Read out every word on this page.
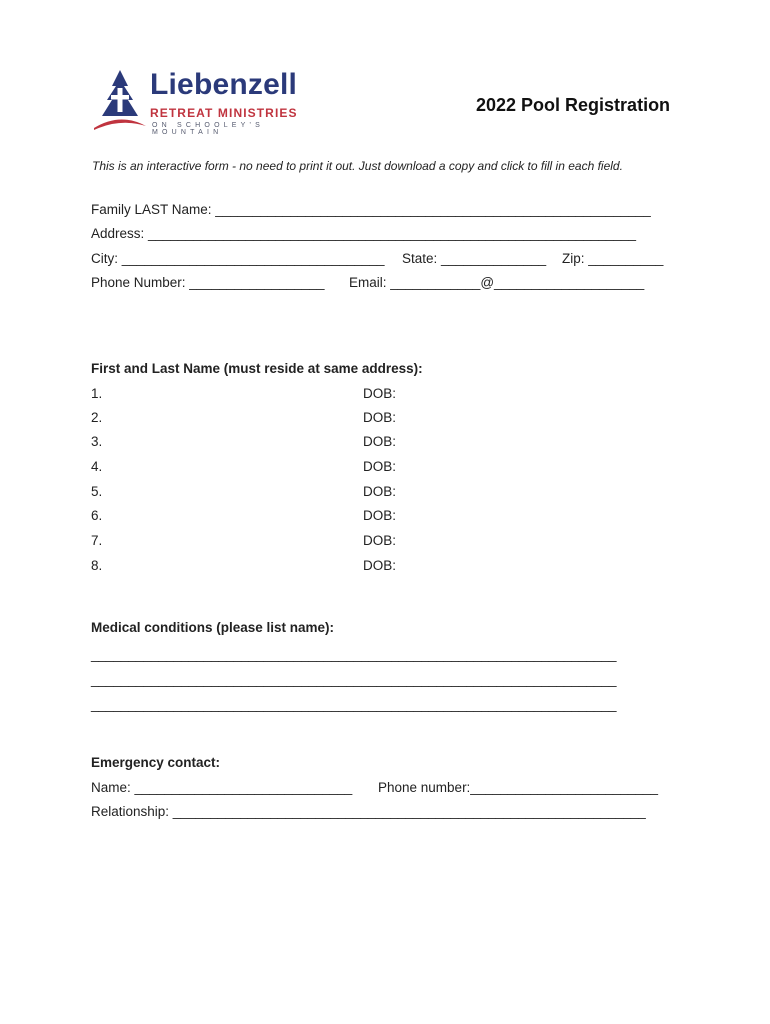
Liebenzell
RETREAT MINISTRIES
ON SCHOOLEY'S MOUNTAIN
2022 Pool Registration
This is an interactive form - no need to print it out. Just download a copy and click to fill in each field.
Family LAST Name: __________________________________________________________
Address: _________________________________________________________________
City: ___________________________________ State: ______________ Zip: __________
Phone Number: __________________ Email: ____________@____________________
First and Last Name (must reside at same address):
1.	DOB:
2.	DOB:
3.	DOB:
4.	DOB:
5.	DOB:
6.	DOB:
7.	DOB:
8.	DOB:
Medical conditions (please list name):
______________________________________________________________________
______________________________________________________________________
______________________________________________________________________
Emergency contact:
Name: _____________________________ Phone number:_________________________
Relationship: _______________________________________________________________
